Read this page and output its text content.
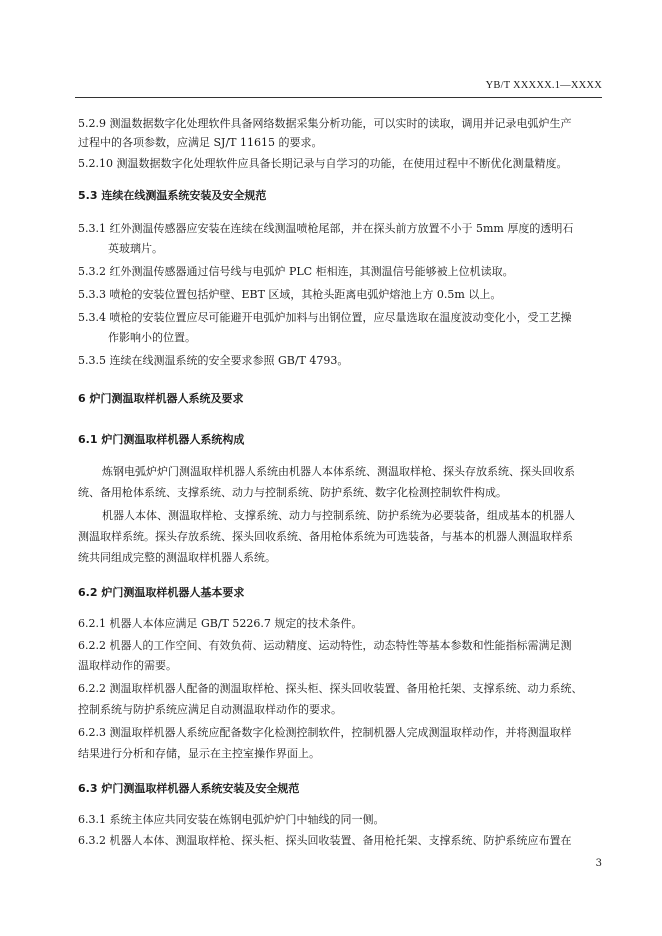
YB/T XXXXX.1—XXXX
5.2.9 测温数据数字化处理软件具备网络数据采集分析功能，可以实时的读取，调用并记录电弧炉生产
过程中的各项参数，应满足 SJ/T 11615 的要求。
5.2.10 测温数据数字化处理软件应具备长期记录与自学习的功能，在使用过程中不断优化测量精度。
5.3 连续在线测温系统安装及安全规范
5.3.1 红外测温传感器应安装在连续在线测温喷枪尾部，并在探头前方放置不小于 5mm 厚度的透明石
英玻璃片。
5.3.2 红外测温传感器通过信号线与电弧炉 PLC 柜相连，其测温信号能够被上位机读取。
5.3.3 喷枪的安装位置包括炉壁、EBT 区域，其枪头距离电弧炉熔池上方 0.5m 以上。
5.3.4 喷枪的安装位置应尽可能避开电弧炉加料与出钢位置，应尽量选取在温度波动变化小，受工艺操
作影响小的位置。
5.3.5 连续在线测温系统的安全要求参照 GB/T 4793。
6 炉门测温取样机器人系统及要求
6.1 炉门测温取样机器人系统构成
炼钢电弧炉炉门测温取样机器人系统由机器人本体系统、测温取样枪、探头存放系统、探头回收系
统、备用枪体系统、支撑系统、动力与控制系统、防护系统、数字化检测控制软件构成。
机器人本体、测温取样枪、支撑系统、动力与控制系统、防护系统为必要装备，组成基本的机器人
测温取样系统。探头存放系统、探头回收系统、备用枪体系统为可选装备，与基本的机器人测温取样系
统共同组成完整的测温取样机器人系统。
6.2 炉门测温取样机器人基本要求
6.2.1 机器人本体应满足 GB/T 5226.7 规定的技术条件。
6.2.2 机器人的工作空间、有效负荷、运动精度、运动特性，动态特性等基本参数和性能指标需满足测
温取样动作的需要。
6.2.2 测温取样机器人配备的测温取样枪、探头柜、探头回收装置、备用枪托架、支撑系统、动力系统、
控制系统与防护系统应满足自动测温取样动作的要求。
6.2.3 测温取样机器人系统应配备数字化检测控制软件，控制机器人完成测温取样动作，并将测温取样
结果进行分析和存储，显示在主控室操作界面上。
6.3 炉门测温取样机器人系统安装及安全规范
6.3.1 系统主体应共同安装在炼钢电弧炉炉门中轴线的同一侧。
6.3.2 机器人本体、测温取样枪、探头柜、探头回收装置、备用枪托架、支撑系统、防护系统应布置在
3
